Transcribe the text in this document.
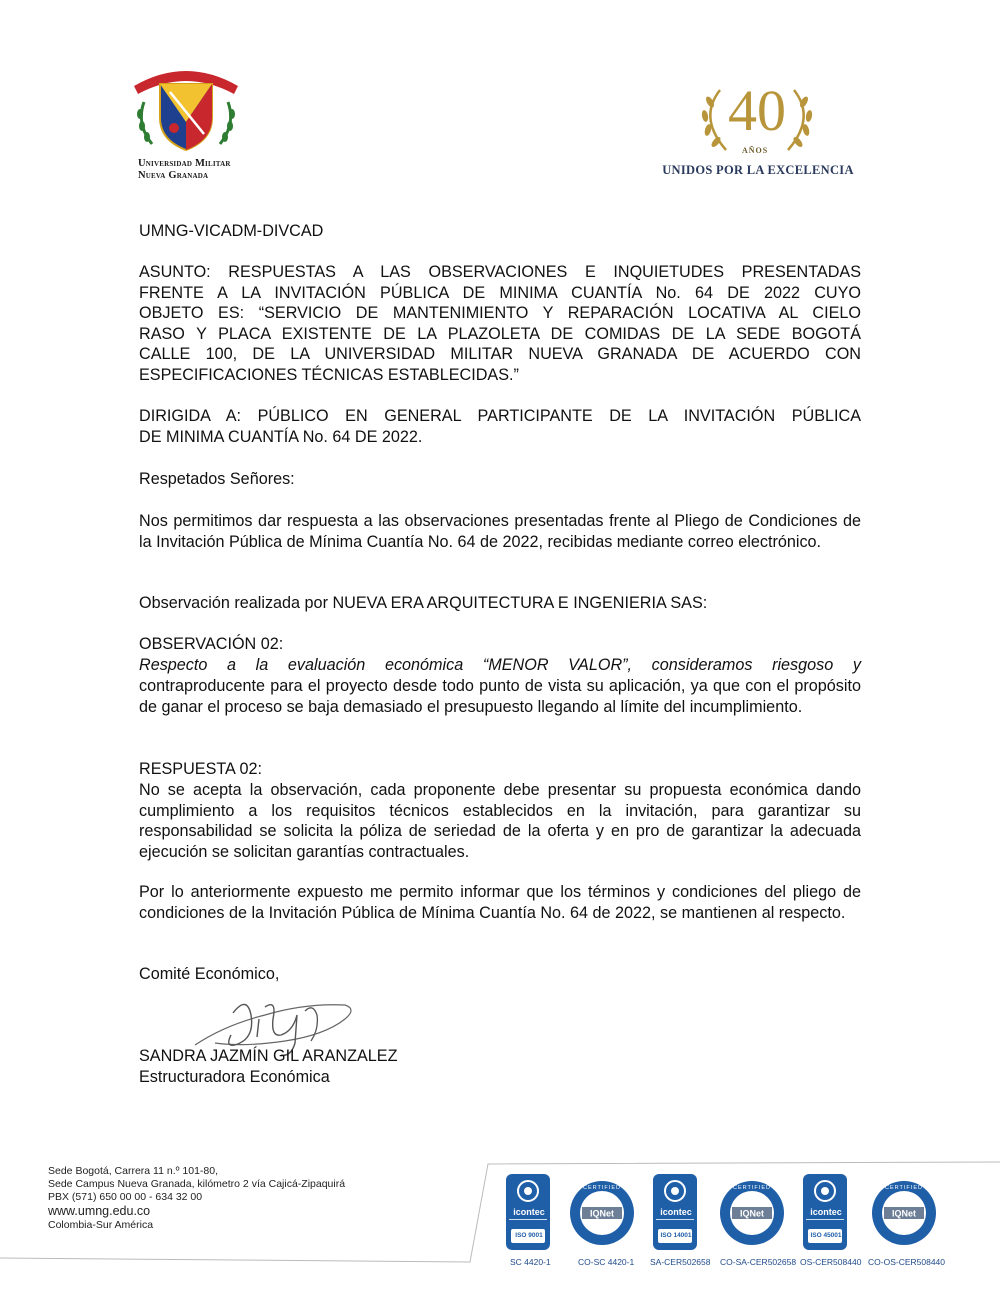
Universidad Militar
Nueva Granada
40
AÑOS
UNIDOS POR LA EXCELENCIA
UMNG-VICADM-DIVCAD
ASUNTO: RESPUESTAS A LAS OBSERVACIONES E INQUIETUDES PRESENTADAS
FRENTE A LA INVITACIÓN PÚBLICA DE MINIMA CUANTÍA No. 64 DE 2022 CUYO
OBJETO ES: “SERVICIO DE MANTENIMIENTO Y REPARACIÓN LOCATIVA AL CIELO
RASO Y PLACA EXISTENTE DE LA PLAZOLETA DE COMIDAS DE LA SEDE BOGOTÁ
CALLE 100, DE LA UNIVERSIDAD MILITAR NUEVA GRANADA DE ACUERDO CON
ESPECIFICACIONES TÉCNICAS ESTABLECIDAS.”
DIRIGIDA A: PÚBLICO EN GENERAL PARTICIPANTE DE LA INVITACIÓN PÚBLICA
DE MINIMA CUANTÍA No. 64 DE 2022.
Respetados Señores:
Nos permitimos dar respuesta a las observaciones presentadas frente al Pliego de Condiciones de la Invitación Pública de Mínima Cuantía No. 64 de 2022, recibidas mediante correo electrónico.
Observación realizada por NUEVA ERA ARQUITECTURA E INGENIERIA SAS:
OBSERVACIÓN 02:
Respecto a la evaluación económica “MENOR VALOR”, consideramos riesgoso y
contraproducente para el proyecto desde todo punto de vista su aplicación, ya que con el propósito de ganar el proceso se baja demasiado el presupuesto llegando al límite del incumplimiento.
RESPUESTA 02:
No se acepta la observación, cada proponente debe presentar su propuesta económica dando cumplimiento a los requisitos técnicos establecidos en la invitación, para garantizar su responsabilidad se solicita la póliza de seriedad de la oferta y en pro de garantizar la adecuada ejecución se solicitan garantías contractuales.
Por lo anteriormente expuesto me permito informar que los términos y condiciones del pliego de condiciones de la Invitación Pública de Mínima Cuantía No. 64 de 2022, se mantienen al respecto.
Comité Económico,
SANDRA JAZMÍN GIL ARANZALEZ
Estructuradora Económica
Sede Bogotá, Carrera 11 n.º 101-80,
Sede Campus Nueva Granada, kilómetro 2 vía Cajicá-Zipaquirá
PBX (571) 650 00 00 - 634 32 00
www.umng.edu.co
Colombia-Sur América
icontec
ISO 9001
SC 4420-1
IQNet
CERTIFIED
CO-SC 4420-1
icontec
ISO 14001
SA-CER502658
IQNet
CERTIFIED
CO-SA-CER502658
icontec
ISO 45001
OS-CER508440
IQNet
CERTIFIED
CO-OS-CER508440
